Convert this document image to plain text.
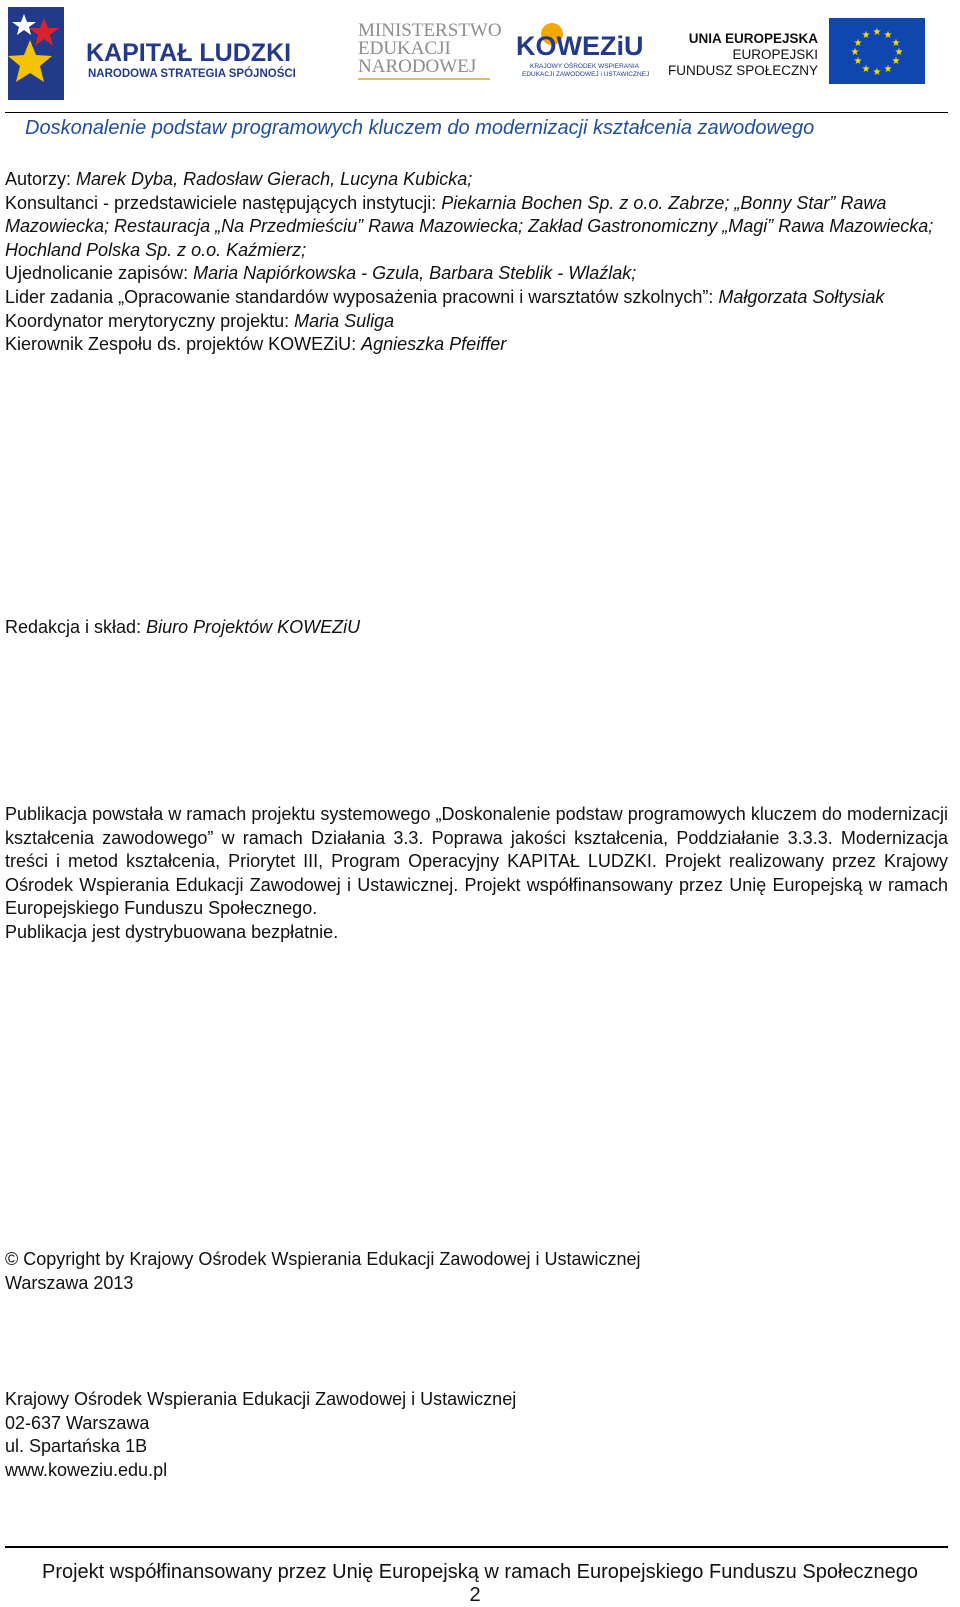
KAPITAŁ LUDZKI
NARODOWA STRATEGIA SPÓJNOŚCI
MINISTERSTWO
EDUKACJI
NARODOWEJ
KOWEZiU
KRAJOWY OŚRODEK WSPIERANIA
EDUKACJI ZAWODOWEJ i USTAWICZNEJ
UNIA EUROPEJSKA
EUROPEJSKI
FUNDUSZ SPOŁECZNY
★ ★
★
★
★
★
★
★
★
★
★
★
Doskonalenie podstaw programowych kluczem do modernizacji kształcenia zawodowego

Autorzy: Marek Dyba, Radosław Gierach, Lucyna Kubicka;

Konsultanci - przedstawiciele następujących instytucji: Piekarnia Bochen Sp. z o.o. Zabrze; „Bonny Star” Rawa Mazowiecka; Restauracja „Na Przedmieściu” Rawa Mazowiecka; Zakład Gastronomiczny „Magi” Rawa Mazowiecka; Hochland Polska Sp. z o.o. Kaźmierz;

Ujednolicanie zapisów: Maria Napiórkowska - Gzula, Barbara Steblik - Wlaźlak;

Lider zadania „Opracowanie standardów wyposażenia pracowni i warsztatów szkolnych”: Małgorzata Sołtysiak

Koordynator merytoryczny projektu: Maria Suliga

Kierownik Zespołu ds. projektów KOWEZiU: Agnieszka Pfeiffer

Redakcja i skład: Biuro Projektów KOWEZiU

Publikacja powstała w ramach projektu systemowego „Doskonalenie podstaw programowych kluczem do modernizacji kształcenia zawodowego” w ramach Działania 3.3. Poprawa jakości kształcenia, Poddziałanie 3.3.3. Modernizacja treści i metod kształcenia, Priorytet III, Program Operacyjny KAPITAŁ LUDZKI. Projekt realizowany przez Krajowy Ośrodek Wspierania Edukacji Zawodowej i Ustawicznej. Projekt współfinansowany przez Unię Europejską w ramach Europejskiego Funduszu Społecznego.

Publikacja jest dystrybuowana bezpłatnie.

© Copyright by Krajowy Ośrodek Wspierania Edukacji Zawodowej i Ustawicznej

Warszawa 2013

Krajowy Ośrodek Wspierania Edukacji Zawodowej i Ustawicznej

02-637 Warszawa

ul. Spartańska 1B

www.koweziu.edu.pl

Projekt współfinansowany przez Unię Europejską w ramach Europejskiego Funduszu Społecznego
2
